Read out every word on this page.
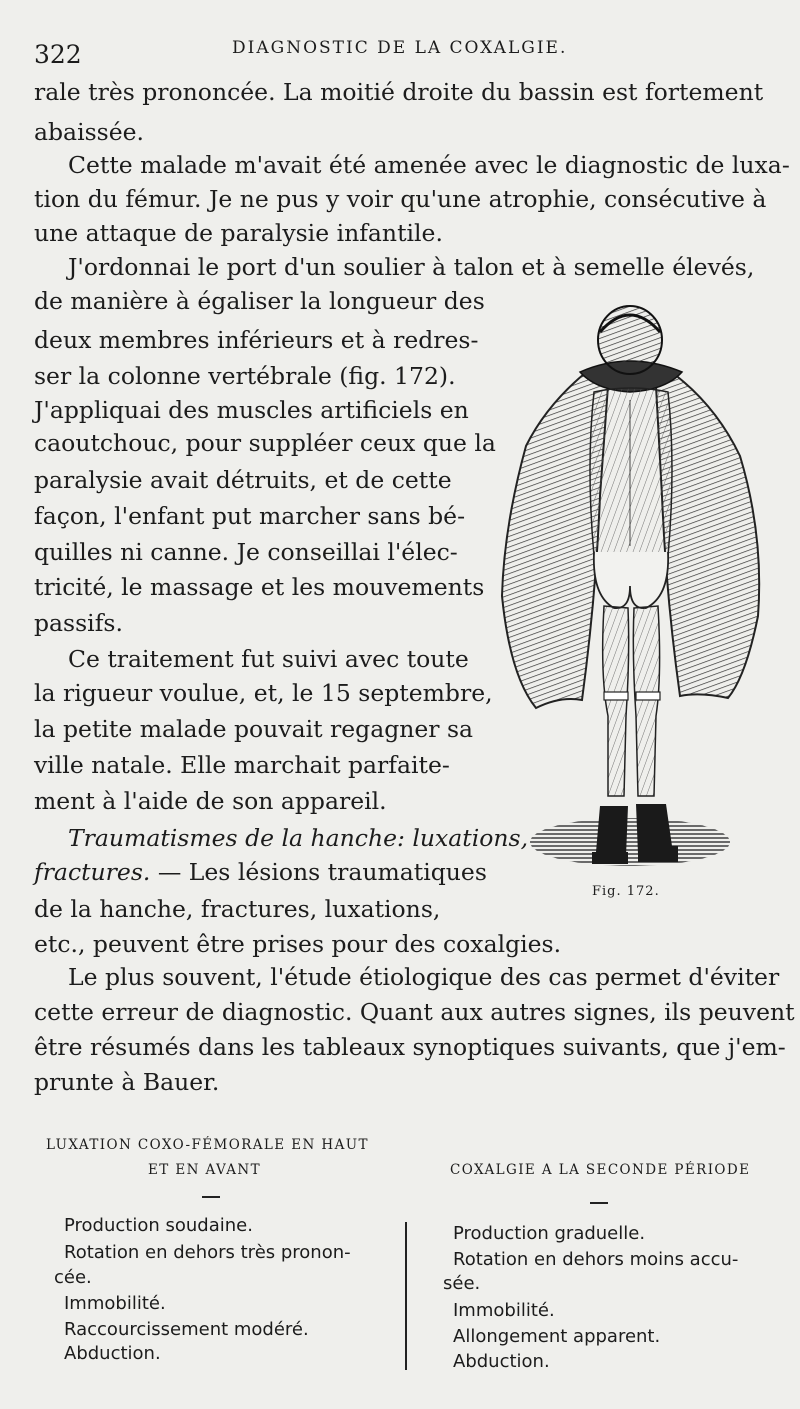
322	DIAGNOSTIC DE LA COXALGIE.
rale très prononcée. La moitié droite du bassin est fortement
abaissée.
Cette malade m'avait été amenée avec le diagnostic de luxa-
tion du fémur. Je ne pus y voir qu'une atrophie, consécutive à
une attaque de paralysie infantile.
J'ordonnai le port d'un soulier à talon et à semelle élevés,
de manière à égaliser la longueur des
deux membres inférieurs et à redres-
ser la colonne vertébrale (fig. 172).
J'appliquai des muscles artificiels en
caoutchouc, pour suppléer ceux que la
paralysie avait détruits, et de cette
façon, l'enfant put marcher sans bé-
quilles ni canne. Je conseillai l'élec-
tricité, le massage et les mouvements
passifs.
Ce traitement fut suivi avec toute
la rigueur voulue, et, le 15 septembre,
la petite malade pouvait regagner sa
ville natale. Elle marchait parfaite-
ment à l'aide de son appareil.
Traumatismes de la hanche: luxations,
fractures. — Les lésions traumatiques
de la hanche, fractures, luxations,
etc., peuvent être prises pour des coxalgies.
Le plus souvent, l'étude étiologique des cas permet d'éviter
cette erreur de diagnostic. Quant aux autres signes, ils peuvent
être résumés dans les tableaux synoptiques suivants, que j'em-
prunte à Bauer.
Fig. 172.
LUXATION COXO-FÉMORALE EN HAUT
ET EN AVANT	COXALGIE A LA SECONDE PÉRIODE
Production soudaine.
Rotation en dehors très pronon-
cée.
Immobilité.
Raccourcissement modéré.
Abduction.
Production graduelle.
Rotation en dehors moins accu-
sée.
Immobilité.
Allongement apparent.
Abduction.
